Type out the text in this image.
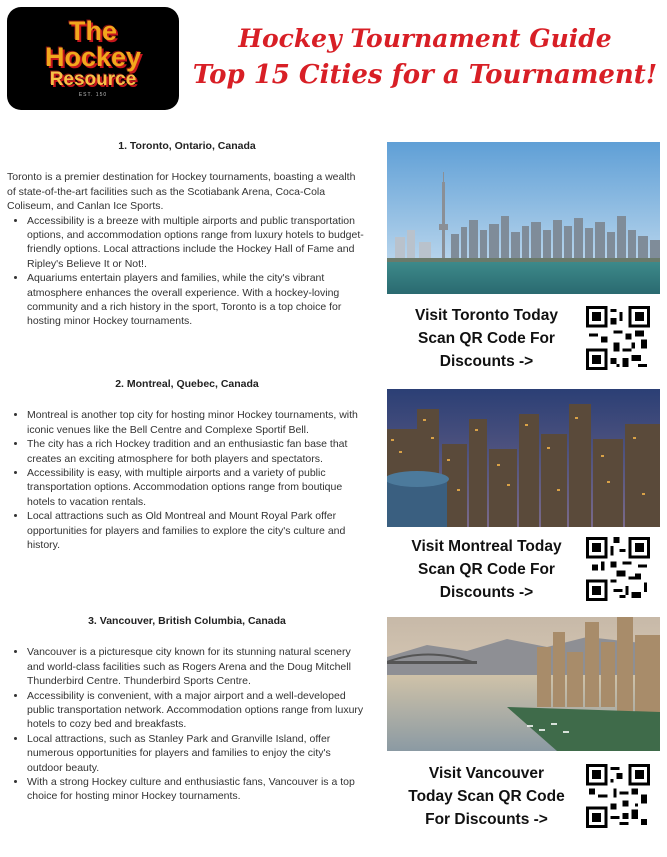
The
Hockey
Resource
EST. 150
Hockey Tournament Guide
Top 15 Cities for a Tournament!
1. Toronto, Ontario, Canada

Toronto is a premier destination for Hockey tournaments, boasting a wealth of state-of-the-art facilities such as the Scotiabank Arena, Coca-Cola Coliseum, and Canlan Ice Sports.

• Accessibility is a breeze with multiple airports and public transportation options, and accommodation options range from luxury hotels to budget-friendly options. Local attractions include the Hockey Hall of Fame and Ripley's Believe It or Not!.
• Aquariums entertain players and families, while the city's vibrant atmosphere enhances the overall experience. With a hockey-loving community and a rich history in the sport, Toronto is a top choice for hosting minor Hockey tournaments.
2. Montreal, Quebec, Canada
• Montreal is another top city for hosting minor Hockey tournaments, with iconic venues like the Bell Centre and Complexe Sportif Bell.
• The city has a rich Hockey tradition and an enthusiastic fan base that creates an exciting atmosphere for both players and spectators.
• Accessibility is easy, with multiple airports and a variety of public transportation options. Accommodation options range from boutique hotels to vacation rentals.
• Local attractions such as Old Montreal and Mount Royal Park offer opportunities for players and families to explore the city's culture and history.
3. Vancouver, British Columbia, Canada
• Vancouver is a picturesque city known for its stunning natural scenery and world-class facilities such as Rogers Arena and the Doug Mitchell Thunderbird Centre. Thunderbird Sports Centre.
• Accessibility is convenient, with a major airport and a well-developed public transportation network. Accommodation options range from luxury hotels to cozy bed and breakfasts.
• Local attractions, such as Stanley Park and Granville Island, offer numerous opportunities for players and families to enjoy the city's outdoor beauty.
• With a strong Hockey culture and enthusiastic fans, Vancouver is a top choice for hosting minor Hockey tournaments.
Visit Toronto Today
Scan QR Code For
Discounts ->
Visit Montreal Today
Scan QR Code For
Discounts ->
Visit Vancouver
Today Scan QR Code
For Discounts ->
